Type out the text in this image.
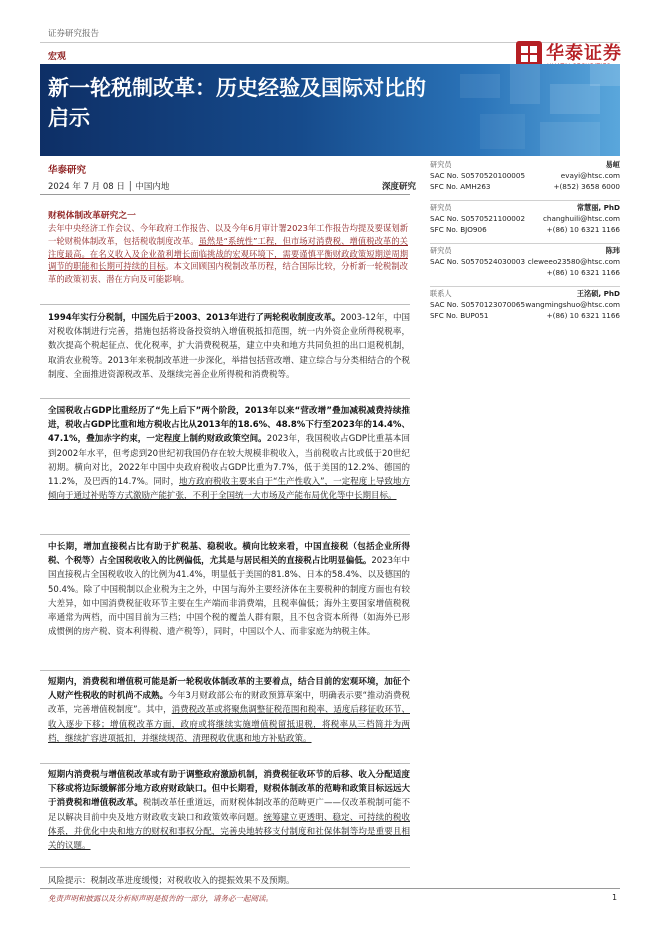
证券研究报告
宏观	华泰证券
新一轮税制改革：历史经验及国际对比的启示
华泰研究
2024 年 7 月 08 日 │ 中国内地	深度研究
财税体制改革研究之一
去年中央经济工作会议、今年政府工作报告、以及今年6月审计署2023年工作报告均提及要谋划新一轮财税体制改革，包括税收制度改革。虽然是“系统性”工程，但市场对消费税、增值税改革的关注度最高。在名义收入及企业盈利增长面临挑战的宏观环境下，需要谨慎平衡财政政策短期逆周期调节的职能和长期可持续的目标。本文回顾国内税制改革历程，结合国际比较，分析新一轮税制改革的政策初衷、潜在方向及可能影响。
1994年实行分税制，中国先后于2003、2013年进行了两轮税收制度改革。2003-12年，中国对税收体制进行完善，措施包括将设备投资纳入增值税抵扣范围，统一内外资企业所得税税率，数次提高个税起征点、优化税率，扩大消费税税基，建立中央和地方共同负担的出口退税机制，取消农业税等。2013年来税制改革进一步深化，举措包括营改增、建立综合与分类相结合的个税制度、全面推进资源税改革、及继续完善企业所得税和消费税等。
全国税收占GDP比重经历了“先上后下”两个阶段，2013年以来“营改增”叠加减税减费持续推进，税收占GDP比重和地方税收占比从2013年的18.6%、48.8%下行至2023年的14.4%、47.1%，叠加赤字约束，一定程度上制约财政政策空间。2023年，我国税收占GDP比重基本回到2002年水平，但考虑到20世纪初我国仍存在较大规模非税收入，当前税收占比或低于20世纪初期。横向对比，2022年中国中央政府税收占GDP比重为7.7%，低于美国的12.2%、德国的11.2%，及巴西的14.7%。同时，地方政府税收主要来自于“生产性收入”，一定程度上导致地方倾向于通过补贴等方式激励产能扩张，不利于全国统一大市场及产能布局优化等中长期目标。
中长期，增加直接税占比有助于扩税基、稳税收。横向比较来看，中国直接税（包括企业所得税、个税等）占全国税收收入的比例偏低，尤其是与居民相关的直接税占比明显偏低。2023年中国直接税占全国税收收入的比例为41.4%，明显低于美国的81.8%、日本的58.4%、以及德国的50.4%。除了中国税制以企业税为主之外，中国与海外主要经济体在主要税种的制度方面也有较大差异，如中国消费税征收环节主要在生产端而非消费端，且税率偏低；海外主要国家增值税税率通常为两档，而中国目前为三档；中国个税的覆盖人群有限，且不包含资本所得（如海外已形成惯例的房产税、资本利得税、遗产税等），同时，中国以个人、而非家庭为纳税主体。
短期内，消费税和增值税可能是新一轮税收体制改革的主要着点，结合目前的宏观环境，加征个人财产性税收的时机尚不成熟。今年3月财政部公布的财政预算草案中，明确表示要“推动消费税改革，完善增值税制度”。其中，消费税改革或将聚焦调整征税范围和税率、适度后移征收环节、收入逐步下移；增值税改革方面，政府或将继续实施增值税留抵退税，将税率从三档简并为两档，继续扩容进项抵扣，并继续规范、清理税收优惠和地方补贴政策。
短期内消费税与增值税改革或有助于调整政府激励机制，消费税征收环节的后移、收入分配适度下移或将边际缓解部分地方政府财政缺口。但中长期看，财税体制改革的范畴和政策目标远远大于消费税和增值税改革。税制改革任重道远，而财税体制改革的范畴更广——仅改革税制可能不足以解决目前中央及地方财政收支缺口和政策效率问题。统筹建立更透明、稳定、可持续的税收体系，并优化中央和地方的财权和事权分配，完善央地转移支付制度和社保体制等均是重要且相关的议题。
风险提示：税制改革进度缓慢；对税收收入的提振效果不及预期。
研究员	易峘
SAC No. S0570520100005	evayi@htsc.com
SFC No. AMH263	+(852) 3658 6000
研究员	常慧丽, PhD
SAC No. S0570521100002 changhuili@htsc.com
SFC No. BJO906	+(86) 10 6321 1166
研究员	陈玮
SAC No. S0570524030003 cleweeo23580@htsc.com
+(86) 10 6321 1166
联系人	王洺硕, PhD
SAC No. S0570123070065 wangmingshuo@htsc.com
SFC No. BUP051	+(86) 10 6321 1166
免责声明和披露以及分析师声明是报告的一部分，请务必一起阅读。	1
